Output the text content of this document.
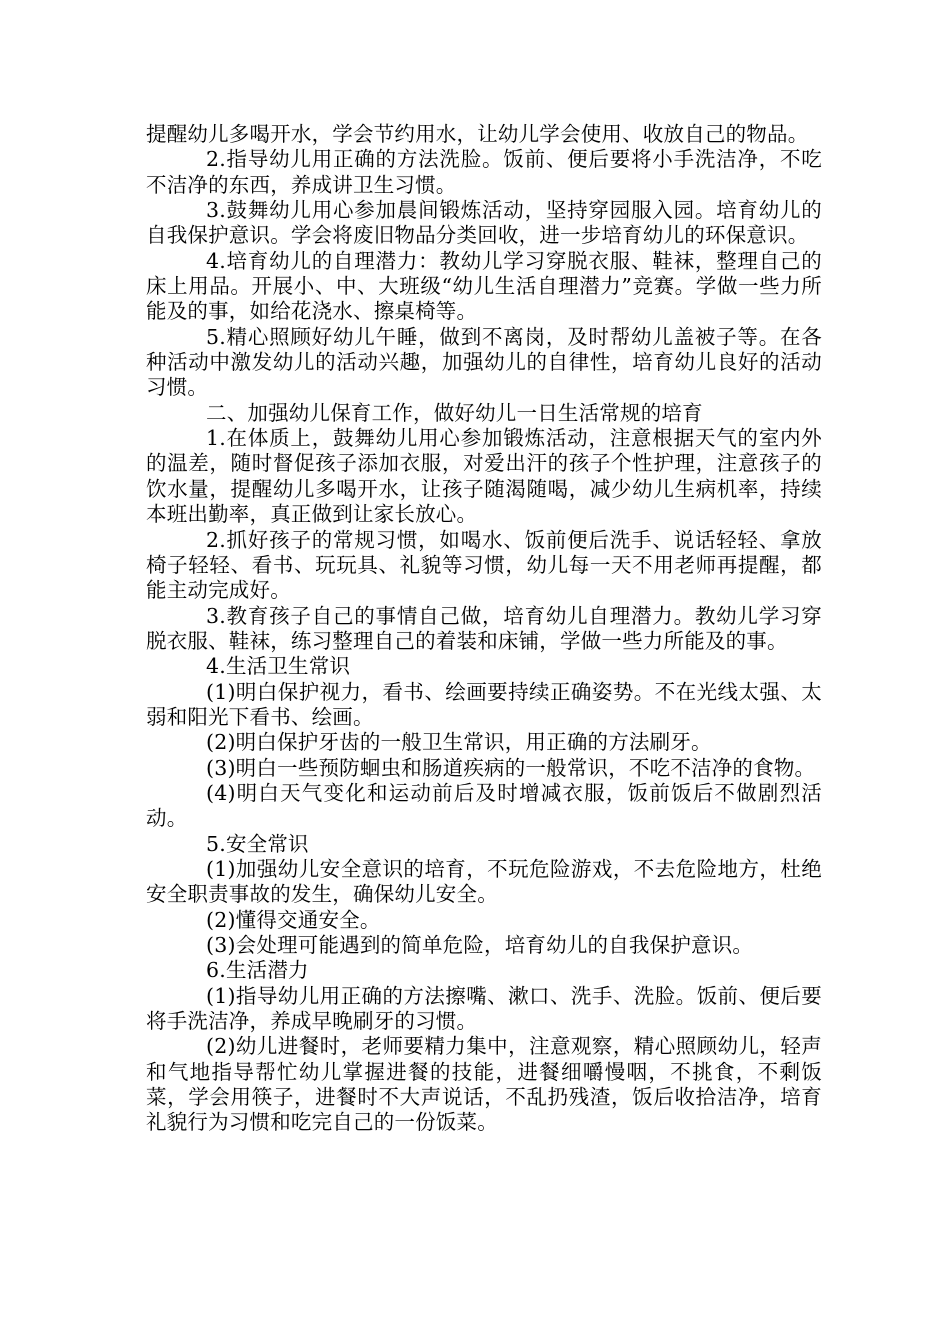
提醒幼儿多喝开水，学会节约用水，让幼儿学会使用、收放自己的物品。

2.指导幼儿用正确的方法洗脸。饭前、便后要将小手洗洁净，不吃不洁净的东西，养成讲卫生习惯。

3.鼓舞幼儿用心参加晨间锻炼活动，坚持穿园服入园。培育幼儿的自我保护意识。学会将废旧物品分类回收，进一步培育幼儿的环保意识。

4.培育幼儿的自理潜力：教幼儿学习穿脱衣服、鞋袜，整理自己的床上用品。开展小、中、大班级“幼儿生活自理潜力”竞赛。学做一些力所能及的事，如给花浇水、擦桌椅等。

5.精心照顾好幼儿午睡，做到不离岗，及时帮幼儿盖被子等。在各种活动中激发幼儿的活动兴趣，加强幼儿的自律性，培育幼儿良好的活动习惯。

二、加强幼儿保育工作，做好幼儿一日生活常规的培育

1.在体质上，鼓舞幼儿用心参加锻炼活动，注意根据天气的室内外的温差，随时督促孩子添加衣服，对爱出汗的孩子个性护理，注意孩子的饮水量，提醒幼儿多喝开水，让孩子随渴随喝，减少幼儿生病机率，持续本班出勤率，真正做到让家长放心。

2.抓好孩子的常规习惯，如喝水、饭前便后洗手、说话轻轻、拿放椅子轻轻、看书、玩玩具、礼貌等习惯，幼儿每一天不用老师再提醒，都能主动完成好。

3.教育孩子自己的事情自己做，培育幼儿自理潜力。教幼儿学习穿脱衣服、鞋袜，练习整理自己的着装和床铺，学做一些力所能及的事。

4.生活卫生常识

(1)明白保护视力，看书、绘画要持续正确姿势。不在光线太强、太弱和阳光下看书、绘画。

(2)明白保护牙齿的一般卫生常识，用正确的方法刷牙。

(3)明白一些预防蛔虫和肠道疾病的一般常识，不吃不洁净的食物。

(4)明白天气变化和运动前后及时增减衣服，饭前饭后不做剧烈活动。

5.安全常识

(1)加强幼儿安全意识的培育，不玩危险游戏，不去危险地方，杜绝安全职责事故的发生，确保幼儿安全。

(2)懂得交通安全。

(3)会处理可能遇到的简单危险，培育幼儿的自我保护意识。

6.生活潜力

(1)指导幼儿用正确的方法擦嘴、漱口、洗手、洗脸。饭前、便后要将手洗洁净，养成早晚刷牙的习惯。

(2)幼儿进餐时，老师要精力集中，注意观察，精心照顾幼儿，轻声和气地指导帮忙幼儿掌握进餐的技能，进餐细嚼慢咽，不挑食，不剩饭菜，学会用筷子，进餐时不大声说话，不乱扔残渣，饭后收拾洁净，培育礼貌行为习惯和吃完自己的一份饭菜。
